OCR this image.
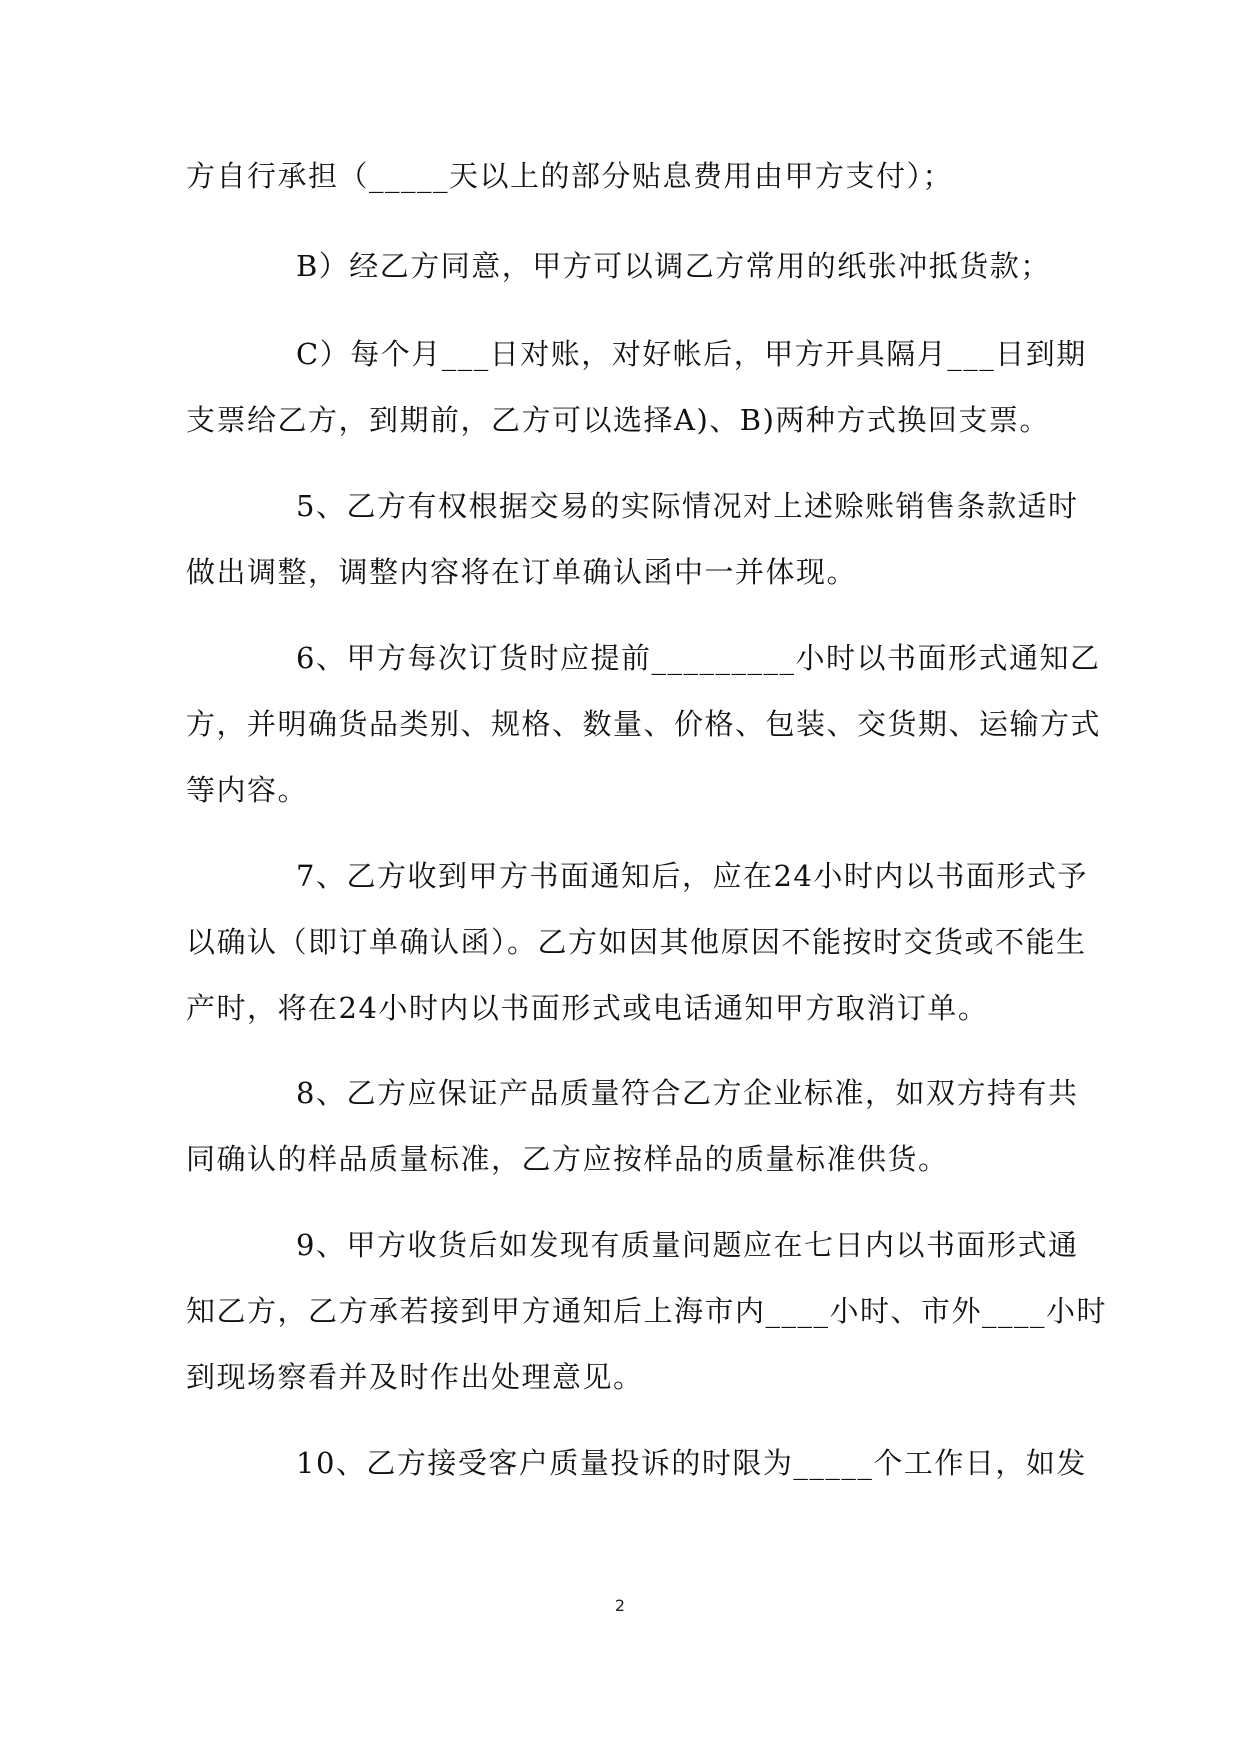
方自行承担（_____天以上的部分贴息费用由甲方支付）；

B）经乙方同意，甲方可以调乙方常用的纸张冲抵货款；

C）每个月___日对账，对好帐后，甲方开具隔月___日到期
支票给乙方，到期前，乙方可以选择A)、B)两种方式换回支票。

5、乙方有权根据交易的实际情况对上述赊账销售条款适时
做出调整，调整内容将在订单确认函中一并体现。

6、甲方每次订货时应提前_________小时以书面形式通知乙
方，并明确货品类别、规格、数量、价格、包装、交货期、运输方式
等内容。

7、乙方收到甲方书面通知后，应在24小时内以书面形式予
以确认（即订单确认函）。乙方如因其他原因不能按时交货或不能生
产时，将在24小时内以书面形式或电话通知甲方取消订单。

8、乙方应保证产品质量符合乙方企业标准，如双方持有共
同确认的样品质量标准，乙方应按样品的质量标准供货。

9、甲方收货后如发现有质量问题应在七日内以书面形式通
知乙方，乙方承若接到甲方通知后上海市内____小时、市外____小时
到现场察看并及时作出处理意见。

10、乙方接受客户质量投诉的时限为_____个工作日，如发

2
